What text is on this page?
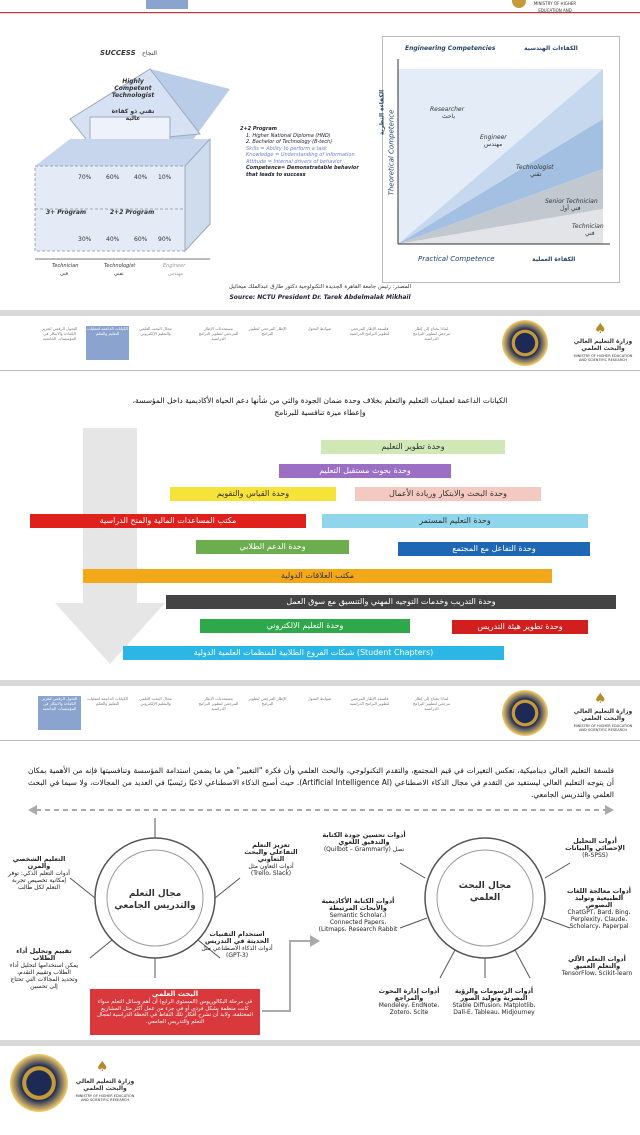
MINISTRY OF HIGHER EDUCATION AND
SUCCESS النجاح
Highly Competent Technologist
تقني ذو كفاءة عالية
70% 60% 40% 10%
3+ Program	2+2 Program
30% 40% 60% 90%
Technician	Technologist	Engineer
فني	تقني	مهندس
2+2 Program
1. Higher National Diploma (HND)
2. Bachelor of Technology (B-tech)
Skills = Ability to perform a task
Knowledge = Understanding of information
Attitude = Internal drivers of behavior
Competence= Demonstratable behavior that leads to success
Engineering Competencies	الكفاءات الهندسية
Researcher
باحث
Engineer
مهندس
Technologist
تقني
Senior Technician
فني أول
Technician
فني
Theoretical Competence
الكفاءة النظرية
Practical Competence	الكفاءة العملية
المصدر: رئيس جامعة القاهرة الجديدة التكنولوجية دكتور طارق عبدالملك ميخائيل
Source: NCTU President Dr. Tarek Abdelmalak Mikhail
التحول الرقمي لتعزيز الكفاءة والابتكار في المؤسسات الجامعية
الكيانات الداعمة لعمليات التعليم والتعلم
مجال البحث العلمي والتعليم الإلكتروني
مستحدثات الإطار المرجعي لتطوير البرامج الدراسية
الإطار المرجعي لتطوير البرامج
ضوابط التحول	فلسفة الإطار المرجعي لتطوير البرامج الدراسية
لماذا نحتاج إلى إطار مرجعي لتطوير البرامج الدراسية
♠
وزارة التعليم العالي والبحث العلمي
MINISTRY OF HIGHER EDUCATION AND SCIENTIFIC RESEARCH
الكيانات الداعمة لعمليات التعليم والتعلم بخلاف وحدة ضمان الجودة والتي من شأنها دعم الحياة الأكاديمية داخل المؤسسة، وإعطاء ميزة تنافسية للبرنامج
وحدة تطوير التعليم
وحدة بحوث مستقبل التعليم
وحدة القياس والتقويم	وحدة البحث والابتكار وريادة الأعمال
مكتب المساعدات المالية والمنح الدراسية	وحدة التعليم المستمر
وحدة الدعم الطلابي	وحدة التفاعل مع المجتمع
مكتب العلاقات الدولية
وحدة التدريب وخدمات التوجيه المهني والتنسيق مع سوق العمل
وحدة التعليم الالكتروني	وحدة تطوير هيئة التدريس
شبكات الفروع الطلابية للمنظمات العلمية الدولية (Student Chapters)
التحول الرقمي لتعزيز الكفاءة والابتكار في المؤسسات الجامعية
الكيانات الداعمة لعمليات التعليم والتعلم
مجال البحث العلمي والتعليم الإلكتروني
مستحدثات الإطار المرجعي لتطوير البرامج الدراسية
الإطار المرجعي لتطوير البرامج
ضوابط التحول	فلسفة الإطار المرجعي لتطوير البرامج الدراسية
لماذا نحتاج إلى إطار مرجعي لتطوير البرامج الدراسية
♠
وزارة التعليم العالي والبحث العلمي
MINISTRY OF HIGHER EDUCATION AND SCIENTIFIC RESEARCH
فلسفة التعليم العالي ديناميكية، تعكس التغيرات في قيم المجتمع، والتقدم التكنولوجي، والبحث العلمي وأن فكرة "التغيير" هي ما يضمن استدامة المؤسسة وتنافسيتها فإنه من الأهمية بمكان أن يتوجه التعليم العالي ليستفيد من التقدم في مجال الذكاء الاصطناعي (Artificial Intelligence AI). حيث أصبح الذكاء الاصطناعي لاعبًا رئيسيًا في العديد من المجالات، ولا سيما في البحث العلمي والتدريس الجامعي.
مجال التعلم والتدريس الجامعي
التعليم الشخصي والمرن
أدوات التعلم الذكي: توفر إمكانية تخصيص تجربة التعلم لكل طالب
تعزيز التعلم التفاعلي والبحث التعاوني
أدوات التعاون مثل (Trello، Slack)
تقييم وتحليل أداء الطلاب
يمكن استخدامها لتحليل أداء الطلاب وتقييم التقدم، وتحديد المجالات التي تحتاج إلى تحسين
استخدام التقنيات الحديثة في التدريس
أدوات الذكاء الاصطناعي مثل (GPT-3)
البحث العلمي
في مرحلة البكالوريوس (المستوى الرابع) أن أهم وسائل التعلم سواء كانت منظمة بشكل فردي أو في جزء من عمل أكثر مثل المشاريع المختلفة، ولابد أن تشرح أفكار تلك النقاط في الخطة الدراسية لمجال التعلم والتدريس الجامعي.
مجال البحث العلمي
أدوات التحليل الإحصائي والبيانات
(R-SPSS)
أدوات تحسين جودة الكتابة والتدقيق اللغوي
نصل (Quilbot – Grammarly)
أدوات معالجة اللغات الطبيعية وتوليد النصوص
ChatGPT، Bard، Bing، Perplexity، Claude، Scholarcy، Paperpal
أدوات الكتابة الأكاديمية والأبحاث المرتبطة
(Semantic Scholar، Connected Papers، Litmaps، Research Rabbit)
أدوات التعلم الآلي والتعلم العميق
TensorFlow، Scikit-learn
أدوات الرسومات والرؤية البصرية وتوليد الصور
Stable Diffusion، Matplotlib، Dall-E، Tableau، Midjourney
أدوات إدارة البحوث والمراجع
Mendeley، EndNote، Zotero، Scite
♠
وزارة التعليم العالي والبحث العلمي
MINISTRY OF HIGHER EDUCATION AND SCIENTIFIC RESEARCH
